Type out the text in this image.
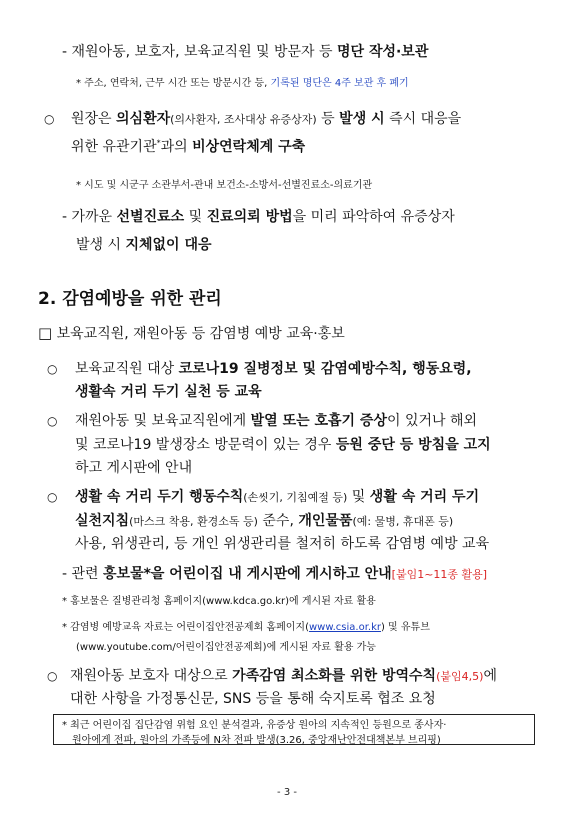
- 재원아동, 보호자, 보육교직원 및 방문자 등 명단 작성·보관
* 주소, 연락처, 근무 시간 또는 방문시간 등, 기록된 명단은 4주 보관 후 폐기
○ 원장은 의심환자(의사환자, 조사대상 유증상자) 등 발생 시 즉시 대응을
위한 유관기관*과의 비상연락체계 구축
* 시도 및 시군구 소관부서-관내 보건소-소방서-선별진료소-의료기관
- 가까운 선별진료소 및 진료의뢰 방법을 미리 파악하여 유증상자
발생 시 지체없이 대응
2. 감염예방을 위한 관리
□ 보육교직원, 재원아동 등 감염병 예방 교육·홍보
○ 보육교직원 대상 코로나19 질병정보 및 감염예방수칙, 행동요령,
생활속 거리 두기 실천 등 교육
○ 재원아동 및 보육교직원에게 발열 또는 호흡기 증상이 있거나 해외
및 코로나19 발생장소 방문력이 있는 경우 등원 중단 등 방침을 고지
하고 게시판에 안내
○ 생활 속 거리 두기 행동수칙(손씻기, 기침예절 등) 및 생활 속 거리 두기
실천지침(마스크 착용, 환경소독 등) 준수, 개인물품(예: 물병, 휴대폰 등)
사용, 위생관리, 등 개인 위생관리를 철저히 하도록 감염병 예방 교육
- 관련 홍보물*을 어린이집 내 게시판에 게시하고 안내[붙임1~11종 활용]
* 홍보물은 질병관리청 홈페이지(www.kdca.go.kr)에 게시된 자료 활용
* 감염병 예방교육 자료는 어린이집안전공제회 홈페이지(www.csia.or.kr) 및 유튜브
(www.youtube.com/어린이집안전공제회)에 게시된 자료 활용 가능
○ 재원아동 보호자 대상으로 가족감염 최소화를 위한 방역수칙(붙임4,5)에
대한 사항을 가정통신문, SNS 등을 통해 숙지토록 협조 요청
* 최근 어린이집 집단감염 위험 요인 분석결과, 유증상 원아의 지속적인 등원으로 종사자·
원아에게 전파, 원아의 가족등에 N차 전파 발생(3.26, 중앙재난안전대책본부 브리핑)
- 3 -
